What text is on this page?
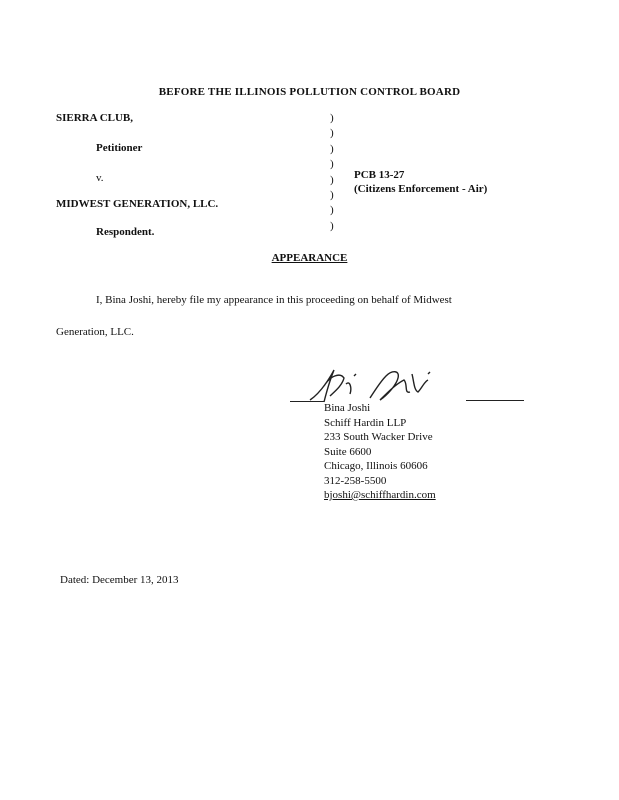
BEFORE THE ILLINOIS POLLUTION CONTROL BOARD
SIERRA CLUB,
Petitioner
v.
MIDWEST GENERATION, LLC.
Respondent.
)
)
)
)
)
)
)
)
PCB 13-27
(Citizens Enforcement - Air)
APPEARANCE
I, Bina Joshi, hereby file my appearance in this proceeding on behalf of Midwest
Generation, LLC.
Bina Joshi
Schiff Hardin LLP
233 South Wacker Drive
Suite 6600
Chicago, Illinois 60606
312-258-5500
bjoshi@schiffhardin.com
Dated: December 13, 2013
